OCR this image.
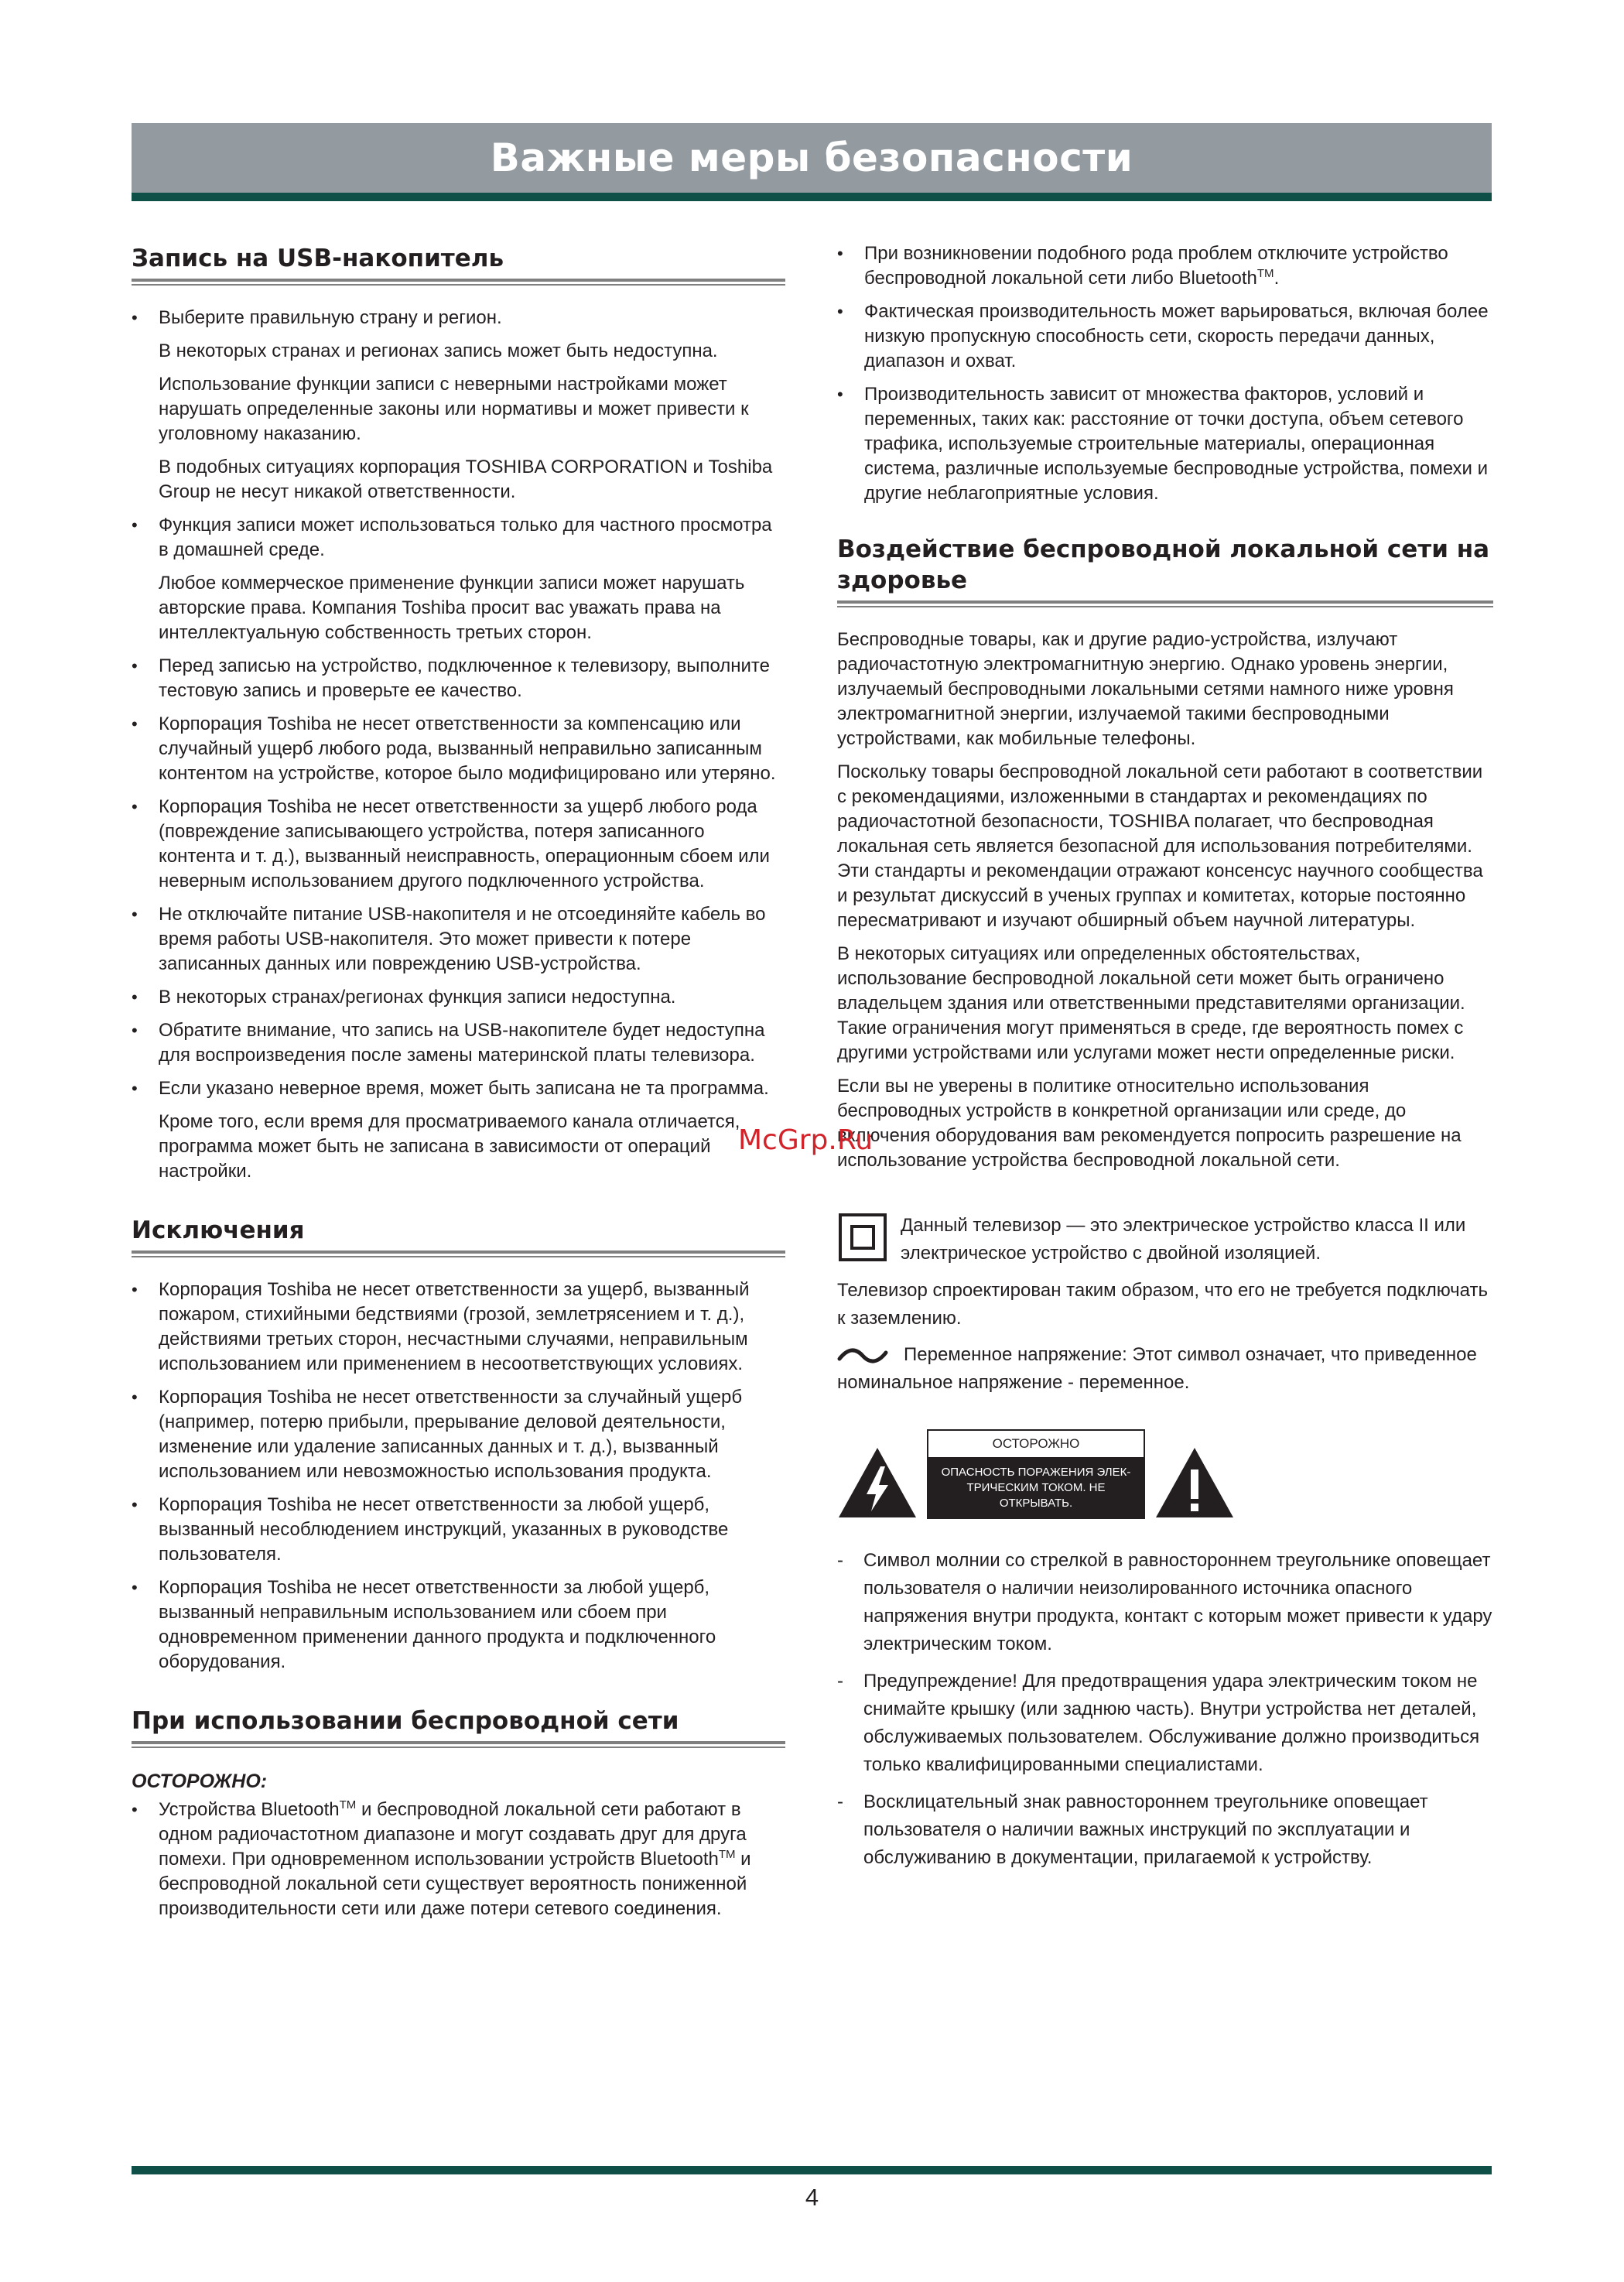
Важные меры безопасности
Запись на USB-накопитель
• Выберите правильную страну и регион.
В некоторых странах и регионах запись может быть недоступна.
Использование функции записи с неверными настройками может нарушать определенные законы или нормативы и может привести к уголовному наказанию.
В подобных ситуациях корпорация TOSHIBA CORPORATION и Toshiba Group не несут никакой ответственности.
• Функция записи может использоваться только для частного просмотра в домашней среде.
Любое коммерческое применение функции записи может нарушать авторские права. Компания Toshiba просит вас уважать права на интеллектуальную собственность третьих сторон.
• Перед записью на устройство, подключенное к телевизору, выполните тестовую запись и проверьте ее качество.
• Корпорация Toshiba не несет ответственности за компенсацию или случайный ущерб любого рода, вызванный неправильно записанным контентом на устройстве, которое было модифицировано или утеряно.
• Корпорация Toshiba не несет ответственности за ущерб любого рода (повреждение записывающего устройства, потеря записанного контента и т. д.), вызванный неисправность, операционным сбоем или неверным использованием другого подключенного устройства.
• Не отключайте питание USB-накопителя и не отсоединяйте кабель во время работы USB-накопителя. Это может привести к потере записанных данных или повреждению USB-устройства.
• В некоторых странах/регионах функция записи недоступна.
• Обратите внимание, что запись на USB-накопителе будет недоступна для воспроизведения после замены материнской платы телевизора.
• Если указано неверное время, может быть записана не та программа.
Кроме того, если время для просматриваемого канала отличается, программа может быть не записана в зависимости от операций настройки.
Исключения
• Корпорация Toshiba не несет ответственности за ущерб, вызванный пожаром, стихийными бедствиями (грозой, землетрясением и т. д.), действиями третьих сторон, несчастными случаями, неправильным использованием или применением в несоответствующих условиях.
• Корпорация Toshiba не несет ответственности за случайный ущерб (например, потерю прибыли, прерывание деловой деятельности, изменение или удаление записанных данных и т. д.), вызванный использованием или невозможностью использования продукта.
• Корпорация Toshiba не несет ответственности за любой ущерб, вызванный несоблюдением инструкций, указанных в руководстве пользователя.
• Корпорация Toshiba не несет ответственности за любой ущерб, вызванный неправильным использованием или сбоем при одновременном применении данного продукта и подключенного оборудования.
При использовании беспроводной сети
ОСТОРОЖНО:
• Устройства Bluetooth™ и беспроводной локальной сети работают в одном радиочастотном диапазоне и могут создавать друг для друга помехи. При одновременном использовании устройств Bluetooth™ и беспроводной локальной сети существует вероятность пониженной производительности сети или даже потери сетевого соединения.
• При возникновении подобного рода проблем отключите устройство беспроводной локальной сети либо Bluetooth™.
• Фактическая производительность может варьироваться, включая более низкую пропускную способность сети, скорость передачи данных, диапазон и охват.
• Производительность зависит от множества факторов, условий и переменных, таких как: расстояние от точки доступа, объем сетевого трафика, используемые строительные материалы, операционная система, различные используемые беспроводные устройства, помехи и другие неблагоприятные условия.
Воздействие беспроводной локальной сети на здоровье

Беспроводные товары, как и другие радио-устройства, излучают радиочастотную электромагнитную энергию. Однако уровень энергии, излучаемый беспроводными локальными сетями намного ниже уровня электромагнитной энергии, излучаемой такими беспроводными устройствами, как мобильные телефоны.

Поскольку товары беспроводной локальной сети работают в соответствии с рекомендациями, изложенными в стандартах и рекомендациях по радиочастотной безопасности, TOSHIBA полагает, что беспроводная локальная сеть является безопасной для использования потребителями. Эти стандарты и рекомендации отражают консенсус научного сообщества и результат дискуссий в ученых группах и комитетах, которые постоянно пересматривают и изучают обширный объем научной литературы.

В некоторых ситуациях или определенных обстоятельствах, использование беспроводной локальной сети может быть ограничено владельцем здания или ответственными представителями организации. Такие ограничения могут применяться в среде, где вероятность помех с другими устройствами или услугами может нести определенные риски.

Если вы не уверены в политике относительно использования беспроводных устройств в конкретной организации или среде, до включения оборудования вам рекомендуется попросить разрешение на использование устройства беспроводной локальной сети.

Данный телевизор — это электрическое устройство класса II или электрическое устройство с двойной изоляцией.

Телевизор спроектирован таким образом, что его не требуется подключать к заземлению.

Переменное напряжение: Этот символ означает, что приведенное номинальное напряжение - переменное.
ОСТОРОЖНО
ОПАСНОСТЬ ПОРАЖЕНИЯ ЭЛЕК-ТРИЧЕСКИМ ТОКОМ. НЕ ОТКРЫВАТЬ.
- Символ молнии со стрелкой в равностороннем треугольнике оповещает пользователя о наличии неизолированного источника опасного напряжения внутри продукта, контакт с которым может привести к удару электрическим током.
- Предупреждение! Для предотвращения удара электрическим током не снимайте крышку (или заднюю часть). Внутри устройства нет деталей, обслуживаемых пользователем. Обслуживание должно производиться только квалифицированными специалистами.
- Восклицательный знак равностороннем треугольнике оповещает пользователя о наличии важных инструкций по эксплуатации и обслуживанию в документации, прилагаемой к устройству.
McGrp.Ru
4
